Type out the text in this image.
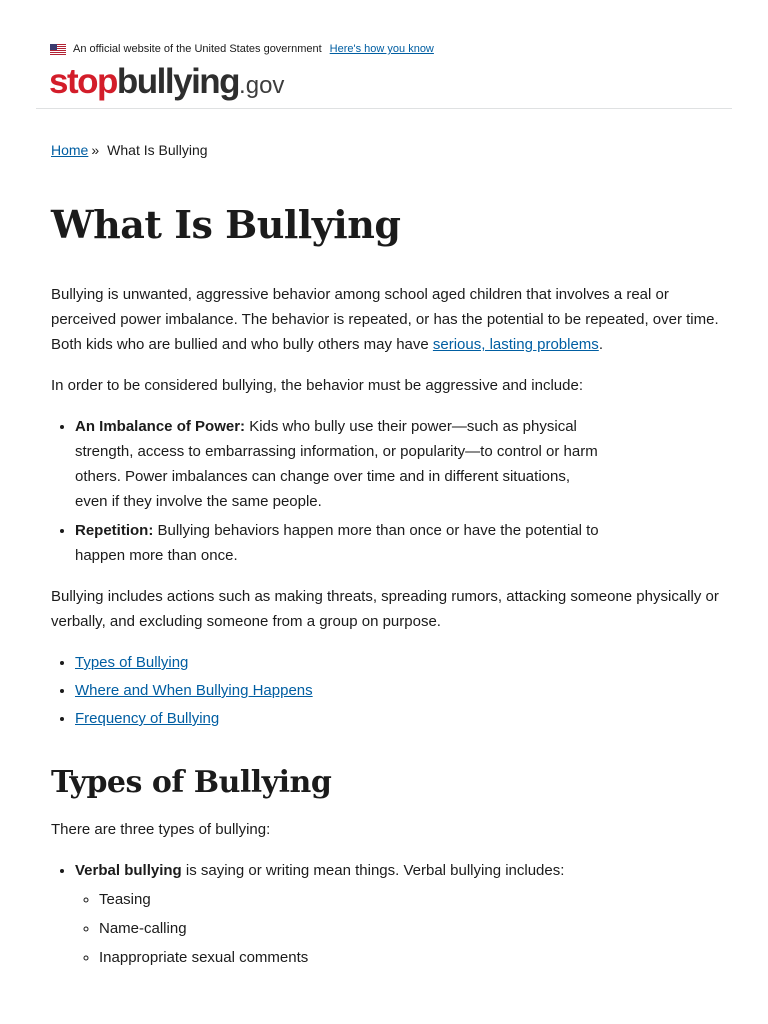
An official website of the United States government Here's how you know
stop bullying .gov
Home » What Is Bullying
What Is Bullying

Bullying is unwanted, aggressive behavior among school aged children that involves a real or perceived power imbalance. The behavior is repeated, or has the potential to be repeated, over time. Both kids who are bullied and who bully others may have serious, lasting problems.

In order to be considered bullying, the behavior must be aggressive and include:

• An Imbalance of Power: Kids who bully use their power—such as physical strength, access to embarrassing information, or popularity—to control or harm others. Power imbalances can change over time and in different situations, even if they involve the same people.
• Repetition: Bullying behaviors happen more than once or have the potential to happen more than once.

Bullying includes actions such as making threats, spreading rumors, attacking someone physically or verbally, and excluding someone from a group on purpose.

• Types of Bullying
• Where and When Bullying Happens
• Frequency of Bullying
Types of Bullying

There are three types of bullying:

• Verbal bullying is saying or writing mean things. Verbal bullying includes:
◦ Teasing
◦ Name-calling
◦ Inappropriate sexual comments
